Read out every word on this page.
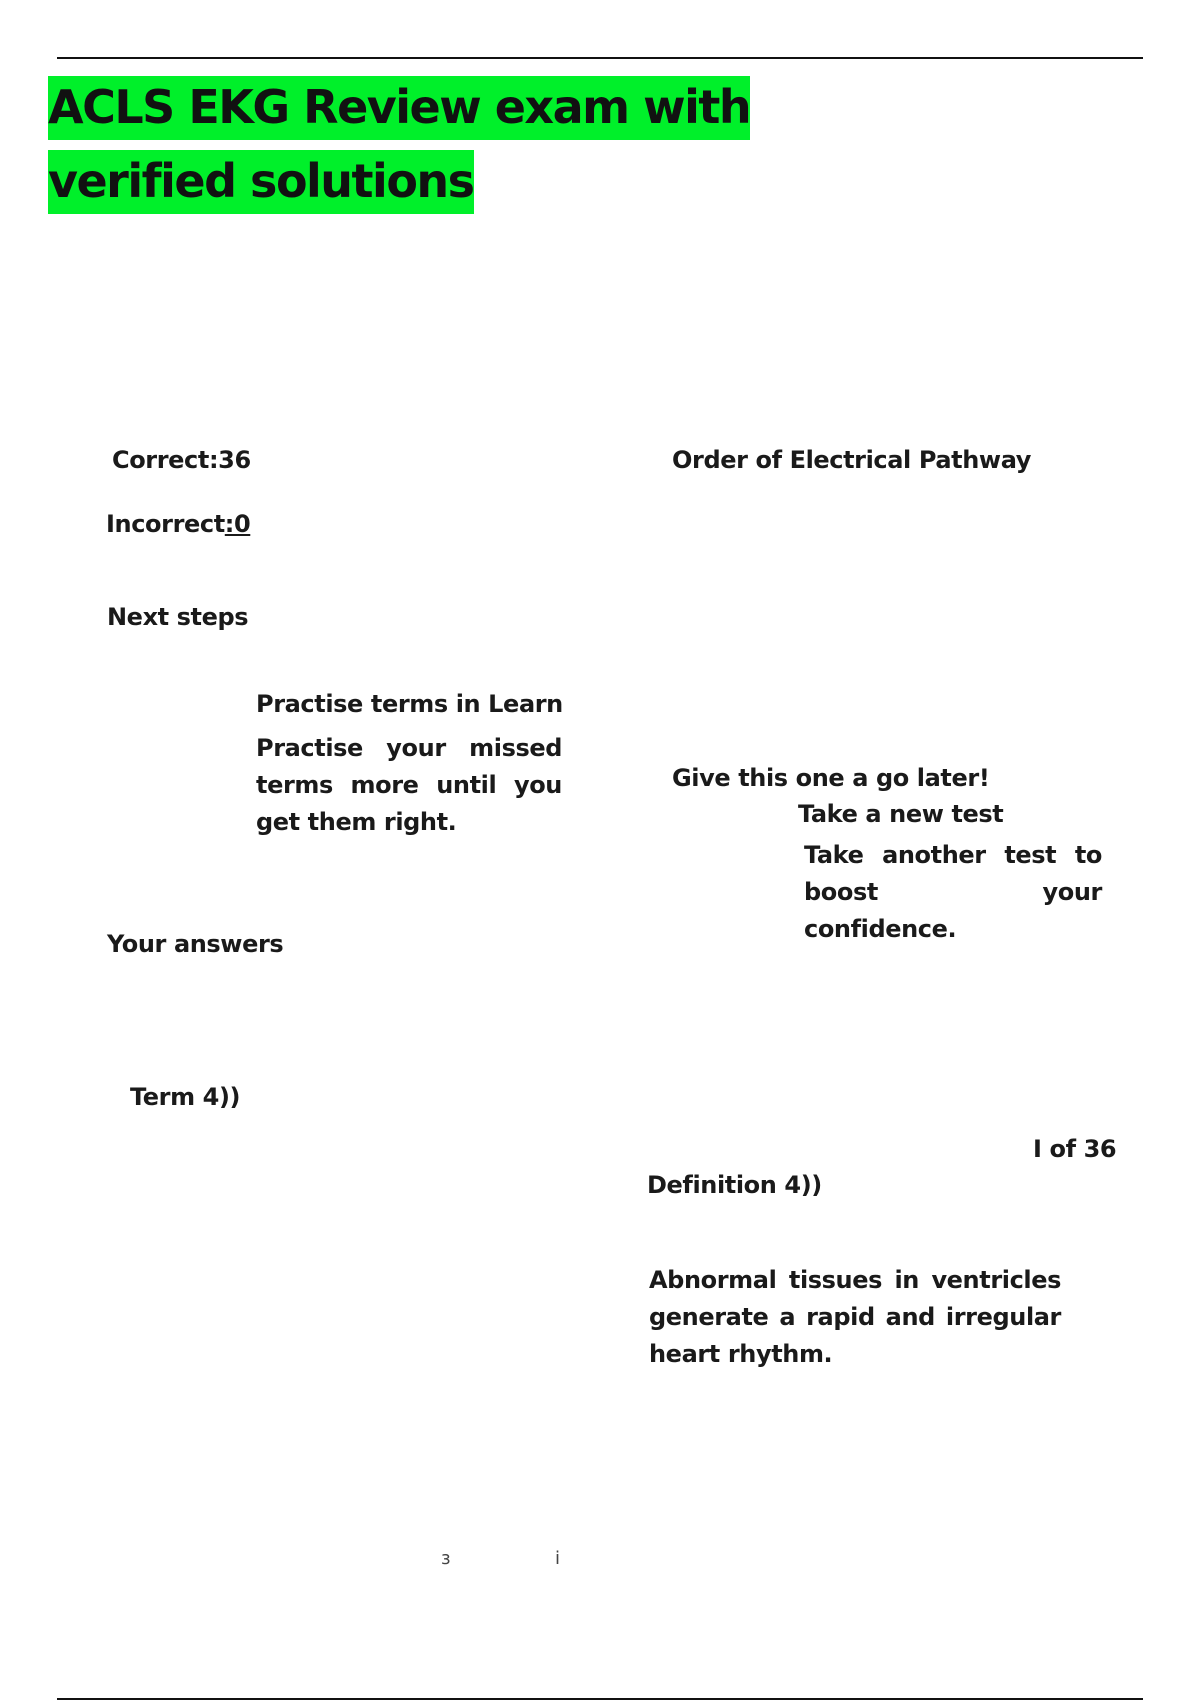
ACLS EKG Review exam with verified solutions
Correct:36
Incorrect:0
Order of Electrical Pathway
Next steps
Practise terms in Learn

Practise your missed terms more until you get them right.

Give this one a go later!
Take a new test

Take another test to boost your confidence.

Your answers
Term 4))
I of 36
Definition 4))

Abnormal tissues in ventricles generate a rapid and irregular heart rhythm.

з	i
